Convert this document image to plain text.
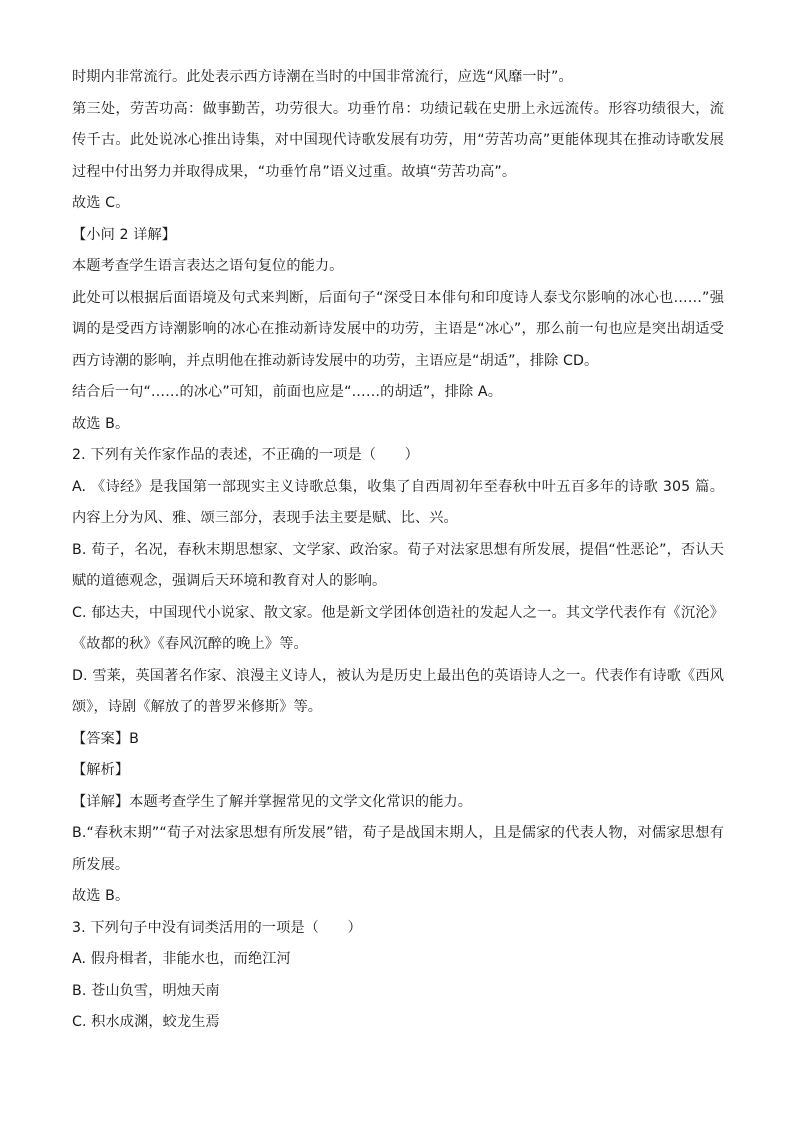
时期内非常流行。此处表示西方诗潮在当时的中国非常流行，应选“风靡一时”。

第三处，劳苦功高：做事勤苦，功劳很大。功垂竹帛：功绩记载在史册上永远流传。形容功绩很大，流传千古。此处说冰心推出诗集，对中国现代诗歌发展有功劳，用“劳苦功高”更能体现其在推动诗歌发展过程中付出努力并取得成果，“功垂竹帛”语义过重。故填“劳苦功高”。

故选 C。

【小问 2 详解】

本题考查学生语言表达之语句复位的能力。

此处可以根据后面语境及句式来判断，后面句子“深受日本俳句和印度诗人泰戈尔影响的冰心也……”强调的是受西方诗潮影响的冰心在推动新诗发展中的功劳，主语是“冰心”，那么前一句也应是突出胡适受西方诗潮的影响，并点明他在推动新诗发展中的功劳，主语应是“胡适”，排除 CD。

结合后一句“……的冰心”可知，前面也应是“……的胡适”，排除 A。

故选 B。

2. 下列有关作家作品的表述，不正确的一项是（　　）

A. 《诗经》是我国第一部现实主义诗歌总集，收集了自西周初年至春秋中叶五百多年的诗歌 305 篇。内容上分为风、雅、颂三部分，表现手法主要是赋、比、兴。

B. 荀子，名况，春秋末期思想家、文学家、政治家。荀子对法家思想有所发展，提倡“性恶论”，否认天赋的道德观念，强调后天环境和教育对人的影响。

C. 郁达夫，中国现代小说家、散文家。他是新文学团体创造社的发起人之一。其文学代表作有《沉沦》《故都的秋》《春风沉醉的晚上》等。

D. 雪莱，英国著名作家、浪漫主义诗人，被认为是历史上最出色的英语诗人之一。代表作有诗歌《西风颂》，诗剧《解放了的普罗米修斯》等。

【答案】B

【解析】

【详解】本题考查学生了解并掌握常见的文学文化常识的能力。

B.“春秋末期”“荀子对法家思想有所发展”错，荀子是战国末期人，且是儒家的代表人物，对儒家思想有所发展。

故选 B。

3. 下列句子中没有词类活用的一项是（　　）

A. 假舟楫者，非能水也，而绝江河

B. 苍山负雪，明烛天南

C. 积水成渊，蛟龙生焉
